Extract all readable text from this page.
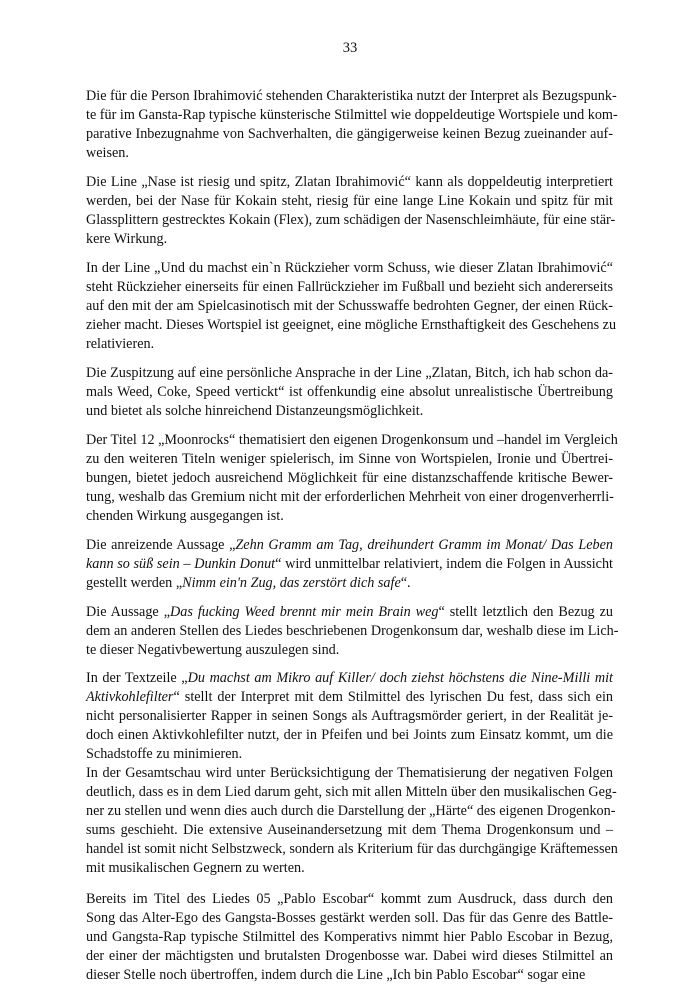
33
Die für die Person Ibrahimović stehenden Charakteristika nutzt der Interpret als Bezugspunk-
te für im Gansta-Rap typische künsterische Stilmittel wie doppeldeutige Wortspiele und kom-
parative Inbezugnahme von Sachverhalten, die gängigerweise keinen Bezug zueinander auf-
weisen.
Die Line „Nase ist riesig und spitz, Zlatan Ibrahimović“ kann als doppeldeutig interpretiert
werden, bei der Nase für Kokain steht, riesig für eine lange Line Kokain und spitz für mit
Glassplittern gestrecktes Kokain (Flex), zum schädigen der Nasenschleimhäute, für eine stär-
kere Wirkung.
In der Line „Und du machst ein`n Rückzieher vorm Schuss, wie dieser Zlatan Ibrahimović“
steht Rückzieher einerseits für einen Fallrückzieher im Fußball und bezieht sich andererseits
auf den mit der am Spielcasinotisch mit der Schusswaffe bedrohten Gegner, der einen Rück-
zieher macht. Dieses Wortspiel ist geeignet, eine mögliche Ernsthaftigkeit des Geschehens zu
relativieren.
Die Zuspitzung auf eine persönliche Ansprache in der Line „Zlatan, Bitch, ich hab schon da-
mals Weed, Coke, Speed vertickt“ ist offenkundig eine absolut unrealistische Übertreibung
und bietet als solche hinreichend Distanzeungsmöglichkeit.
Der Titel 12 „Moonrocks“ thematisiert den eigenen Drogenkonsum und –handel im Vergleich
zu den weiteren Titeln weniger spielerisch, im Sinne von Wortspielen, Ironie und Übertrei-
bungen, bietet jedoch ausreichend Möglichkeit für eine distanzschaffende kritische Bewer-
tung, weshalb das Gremium nicht mit der erforderlichen Mehrheit von einer drogenverherrli-
chenden Wirkung ausgegangen ist.
Die anreizende Aussage „Zehn Gramm am Tag, dreihundert Gramm im Monat/ Das Leben
kann so süß sein – Dunkin Donut“ wird unmittelbar relativiert, indem die Folgen in Aussicht
gestellt werden „Nimm ein'n Zug, das zerstört dich safe“.
Die Aussage „Das fucking Weed brennt mir mein Brain weg“ stellt letztlich den Bezug zu
dem an anderen Stellen des Liedes beschriebenen Drogenkonsum dar, weshalb diese im Lich-
te dieser Negativbewertung auszulegen sind.
In der Textzeile „Du machst am Mikro auf Killer/ doch ziehst höchstens die Nine-Milli mit
Aktivkohlefilter“ stellt der Interpret mit dem Stilmittel des lyrischen Du fest, dass sich ein
nicht personalisierter Rapper in seinen Songs als Auftragsmörder geriert, in der Realität je-
doch einen Aktivkohlefilter nutzt, der in Pfeifen und bei Joints zum Einsatz kommt, um die
Schadstoffe zu minimieren.
In der Gesamtschau wird unter Berücksichtigung der Thematisierung der negativen Folgen
deutlich, dass es in dem Lied darum geht, sich mit allen Mitteln über den musikalischen Geg-
ner zu stellen und wenn dies auch durch die Darstellung der „Härte“ des eigenen Drogenkon-
sums geschieht. Die extensive Auseinandersetzung mit dem Thema Drogenkonsum und –
handel ist somit nicht Selbstzweck, sondern als Kriterium für das durchgängige Kräftemessen
mit musikalischen Gegnern zu werten.
Bereits im Titel des Liedes 05 „Pablo Escobar“ kommt zum Ausdruck, dass durch den
Song das Alter-Ego des Gangsta-Bosses gestärkt werden soll. Das für das Genre des Battle-
und Gangsta-Rap typische Stilmittel des Komperativs nimmt hier Pablo Escobar in Bezug,
der einer der mächtigsten und brutalsten Drogenbosse war. Dabei wird dieses Stilmittel an
dieser Stelle noch übertroffen, indem durch die Line „Ich bin Pablo Escobar“ sogar eine
